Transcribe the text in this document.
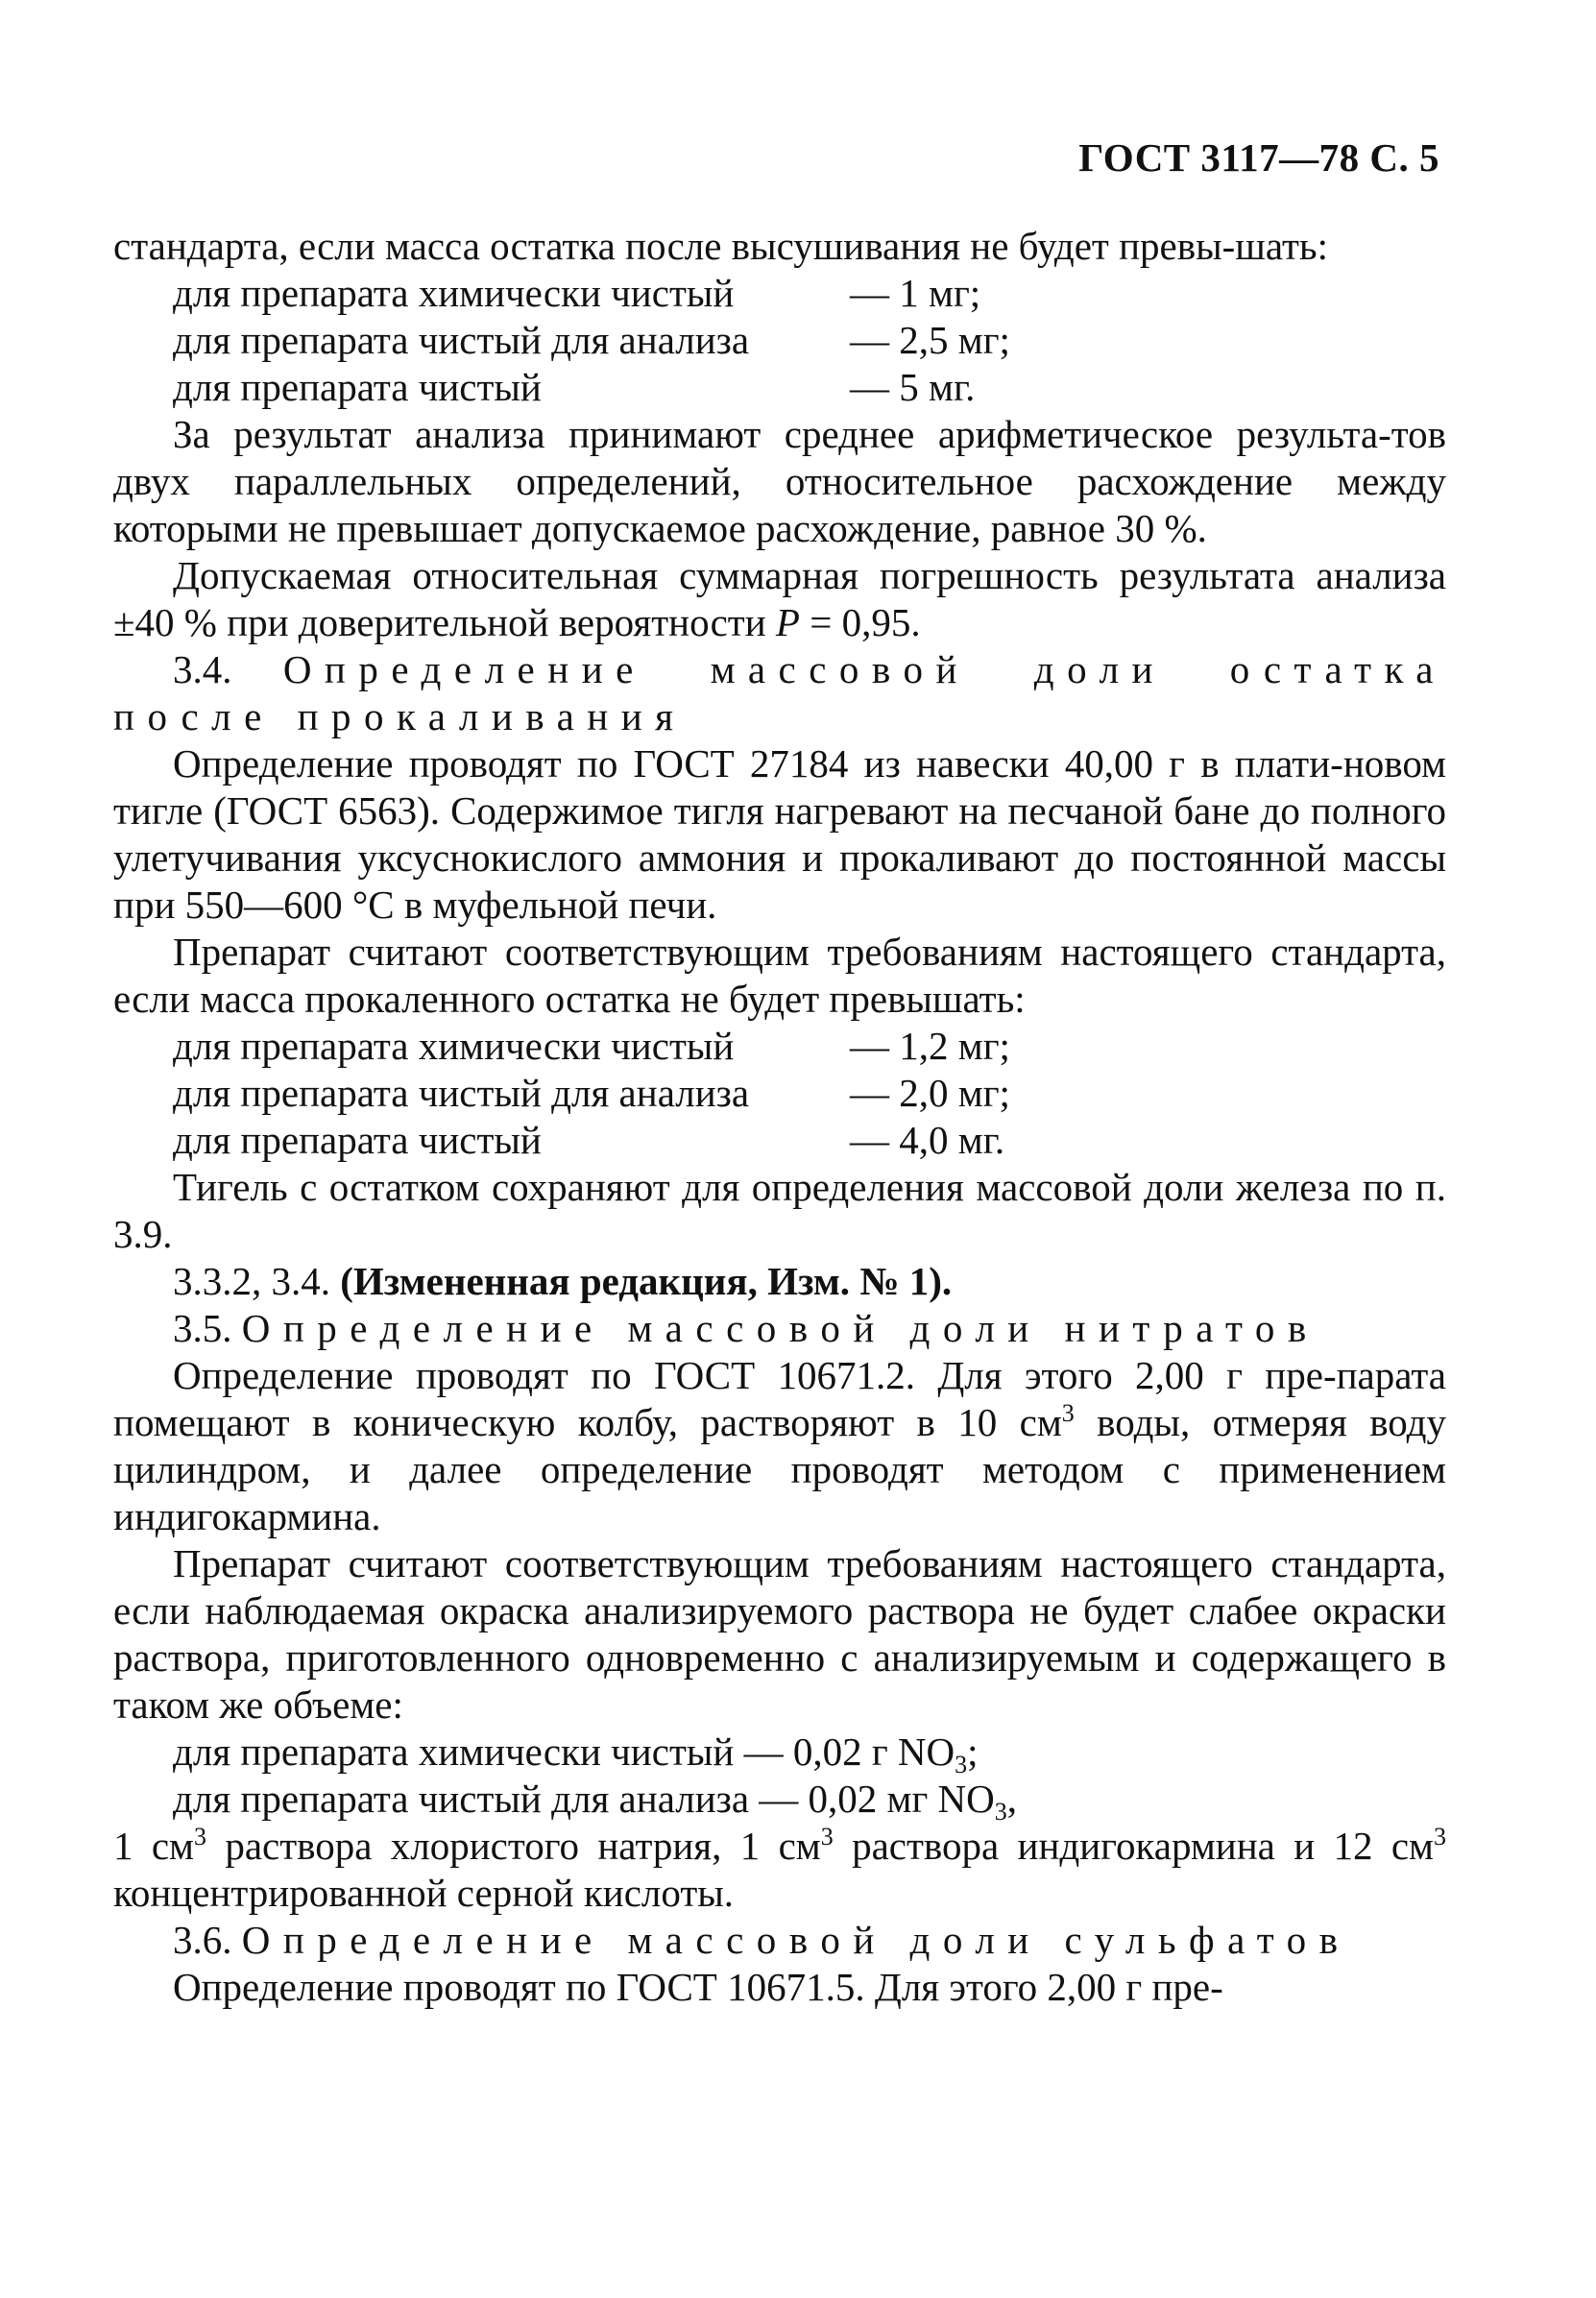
ГОСТ 3117—78 С. 5

стандарта, если масса остатка после высушивания не будет превы-шать:

для препарата химически чистый	— 1 мг;
для препарата чистый для анализа	— 2,5 мг;
для препарата чистый	— 5 мг.

За результат анализа принимают среднее арифметическое результа-тов двух параллельных определений, относительное расхождение между которыми не превышает допускаемое расхождение, равное 30 %.

Допускаемая относительная суммарная погрешность результата анализа ±40 % при доверительной вероятности P = 0,95.

3.4. Определение массовой доли остатка после прокаливания

Определение проводят по ГОСТ 27184 из навески 40,00 г в плати-новом тигле (ГОСТ 6563). Содержимое тигля нагревают на песчаной бане до полного улетучивания уксуснокислого аммония и прокаливают до постоянной массы при 550—600 °С в муфельной печи.

Препарат считают соответствующим требованиям настоящего стандарта, если масса прокаленного остатка не будет превышать:

для препарата химически чистый	— 1,2 мг;
для препарата чистый для анализа	— 2,0 мг;
для препарата чистый	— 4,0 мг.

Тигель с остатком сохраняют для определения массовой доли железа по п. 3.9.

3.3.2, 3.4. (Измененная редакция, Изм. № 1).

3.5. Определение массовой доли нитратов

Определение проводят по ГОСТ 10671.2. Для этого 2,00 г пре-парата помещают в коническую колбу, растворяют в 10 $см^3$ воды, отмеряя воду цилиндром, и далее определение проводят методом с применением индигокармина.

Препарат считают соответствующим требованиям настоящего стандарта, если наблюдаемая окраска анализируемого раствора не будет слабее окраски раствора, приготовленного одновременно с анализируемым и содержащего в таком же объеме:

для препарата химически чистый — 0,02 г $NO_3$;

для препарата чистый для анализа — 0,02 мг $NO_3$,

1 $см^3$ раствора хлористого натрия, 1 $см^3$ раствора индигокармина и 12 $см^3$ концентрированной серной кислоты.

3.6. Определение массовой доли сульфатов

Определение проводят по ГОСТ 10671.5. Для этого 2,00 г пре-
